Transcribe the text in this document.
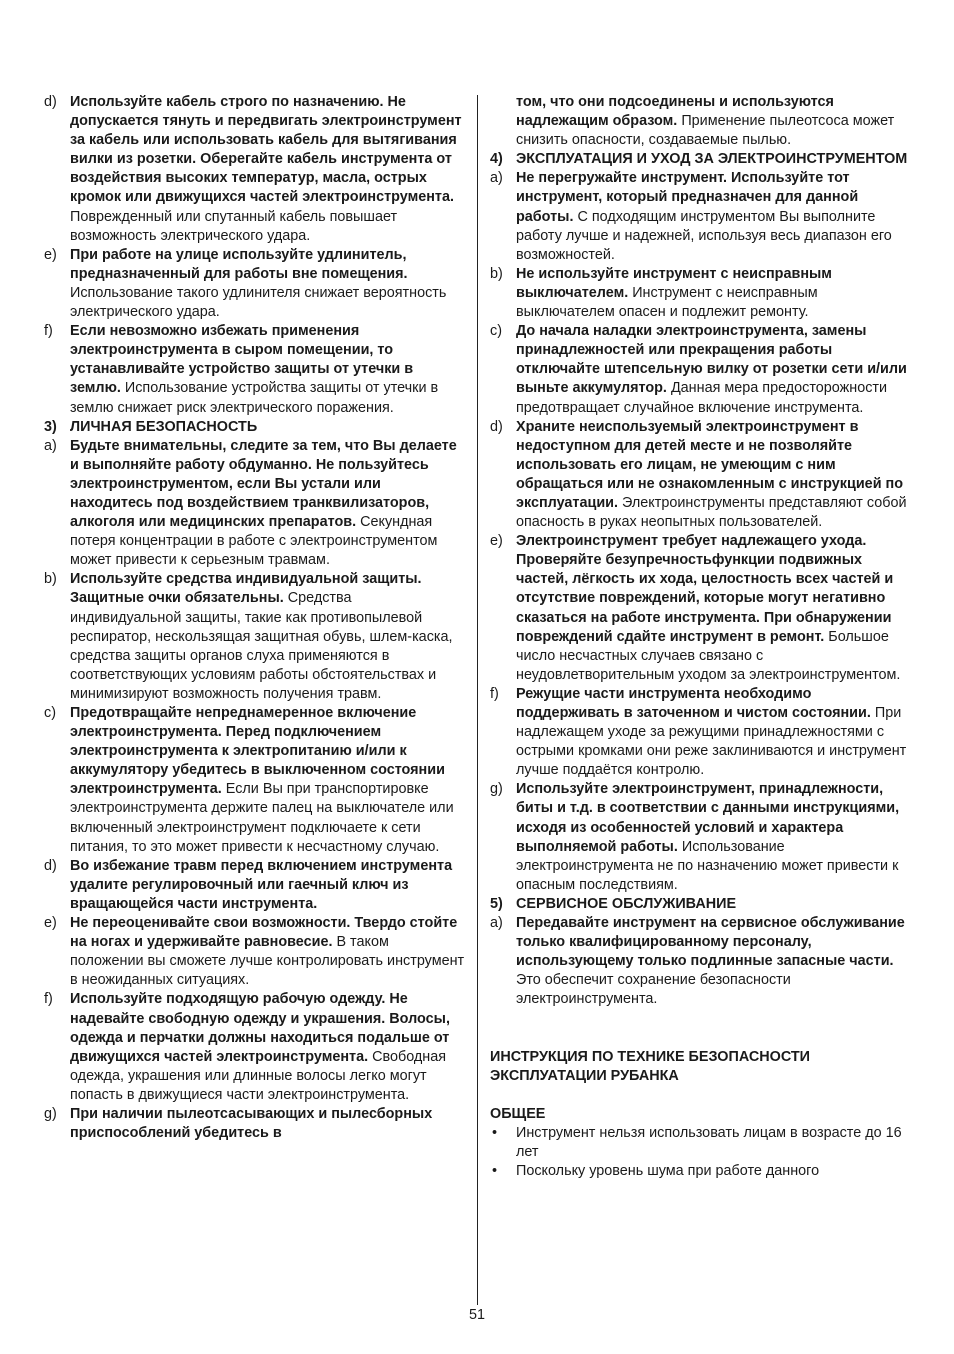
d) Используйте кабель строго по назначению. Не допускается тянуть и передвигать электроинструмент за кабель или использовать кабель для вытягивания вилки из розетки. Оберегайте кабель инструмента от воздействия высоких температур, масла, острых кромок или движущихся частей электроинструмента. Поврежденный или спутанный кабель повышает возможность электрического удара.
e) При работе на улице используйте удлинитель, предназначенный для работы вне помещения. Использование такого удлинителя снижает вероятность электрического удара.
f) Если невозможно избежать применения электроинструмента в сыром помещении, то устанавливайте устройство защиты от утечки в землю. Использование устройства защиты от утечки в землю снижает риск электрического поражения.
3) ЛИЧНАЯ БЕЗОПАСНОСТЬ
a) Будьте внимательны, следите за тем, что Вы делаете и выполняйте работу обдуманно. Не пользуйтесь электроинструментом, если Вы устали или находитесь под воздействием транквилизаторов, алкоголя или медицинских препаратов. Секундная потеря концентрации в работе с электроинструментом может привести к серьезным травмам.
b) Используйте средства индивидуальной защиты. Защитные очки обязательны. Средства индивидуальной защиты, такие как противопылевой респиратор, нескользящая защитная обувь, шлем-каска, средства защиты органов слуха применяются в соответствующих условиям работы обстоятельствах и минимизируют возможность получения травм.
c) Предотвращайте непреднамеренное включение электроинструмента. Перед подключением электроинструмента к электропитанию и/или к аккумулятору убедитесь в выключенном состоянии электроинструмента. Если Вы при транспортировке электроинструмента держите палец на выключателе или включенный электроинструмент подключаете к сети питания, то это может привести к несчастному случаю.
d) Во избежание травм перед включением инструмента удалите регулировочный или гаечный ключ из вращающейся части инструмента.
e) Не переоценивайте свои возможности. Твердо стойте на ногах и удерживайте равновесие. В таком положении вы сможете лучше контролировать инструмент в неожиданных ситуациях.
f) Используйте подходящую рабочую одежду. Не надевайте свободную одежду и украшения. Волосы, одежда и перчатки должны находиться подальше от движущихся частей электроинструмента. Свободная одежда, украшения или длинные волосы легко могут попасть в движущиеся части электроинструмента.
g) При наличии пылеотсасывающих и пылесборных приспособлений убедитесь в
том, что они подсоединены и используются надлежащим образом. Применение пылеотсоса может снизить опасности, создаваемые пылью.
4) ЭКСПЛУАТАЦИЯ И УХОД ЗА ЭЛЕКТРОИНСТРУМЕНТОМ
a) Не перегружайте инструмент. Используйте тот инструмент, который предназначен для данной работы. С подходящим инструментом Вы выполните работу лучше и надежней, используя весь диапазон его возможностей.
b) Не используйте инструмент с неисправным выключателем. Инструмент с неисправным выключателем опасен и подлежит ремонту.
c) До начала наладки электроинструмента, замены принадлежностей или прекращения работы отключайте штепсельную вилку от розетки сети и/или выньте аккумулятор. Данная мера предосторожности предотвращает случайное включение инструмента.
d) Храните неиспользуемый электроинструмент в недоступном для детей месте и не позволяйте использовать его лицам, не умеющим с ним обращаться или не ознакомленным с инструкцией по эксплуатации. Электроинструменты представляют собой опасность в руках неопытных пользователей.
e) Электроинструмент требует надлежащего ухода. Проверяйте безупречностьфункции подвижных частей, лёгкость их хода, целостность всех частей и отсутствие повреждений, которые могут негативно сказаться на работе инструмента. При обнаружении повреждений сдайте инструмент в ремонт. Большое число несчастных случаев связано с неудовлетворительным уходом за электроинструментом.
f) Режущие части инструмента необходимо поддерживать в заточенном и чистом состоянии. При надлежащем уходе за режущими принадлежностями с острыми кромками они реже заклиниваются и инструмент лучше поддаётся контролю.
g) Используйте электроинструмент, принадлежности, биты и т.д. в соответствии с данными инструкциями, исходя из особенностей условий и характера выполняемой работы. Использование электроинструмента не по назначению может привести к опасным последствиям.
5) СЕРВИСНОЕ ОБСЛУЖИВАНИЕ
a) Передавайте инструмент на сервисное обслуживание только квалифицированному персоналу, использующему только подлинные запасные части. Это обеспечит сохранение безопасности электроинструмента.
ИНСТРУКЦИЯ ПО ТЕХНИКЕ БЕЗОПАСНОСТИ ЭКСПЛУАТАЦИИ РУБАНКА
ОБЩЕЕ
• Инструмент нельзя использовать лицам в возрасте до 16 лет
• Поскольку уровень шума при работе данного
51
